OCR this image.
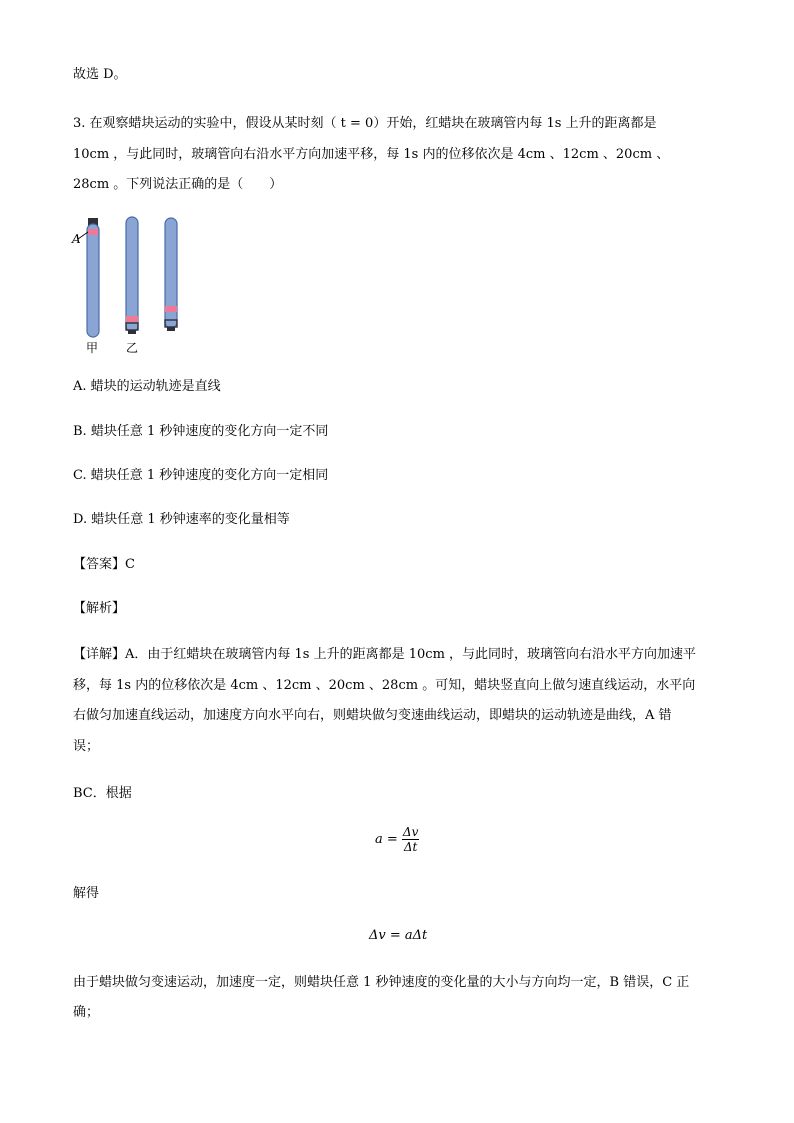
故选 D。
3. 在观察蜡块运动的实验中，假设从某时刻（ t = 0）开始，红蜡块在玻璃管内每 1s 上升的距离都是
10cm ，与此同时，玻璃管向右沿水平方向加速平移，每 1s 内的位移依次是 4cm 、12cm 、20cm 、
28cm 。下列说法正确的是（　　）
A
甲 乙
A. 蜡块的运动轨迹是直线
B. 蜡块任意 1 秒钟速度的变化方向一定不同
C. 蜡块任意 1 秒钟速度的变化方向一定相同
D. 蜡块任意 1 秒钟速率的变化量相等
【答案】C
【解析】
【详解】A．由于红蜡块在玻璃管内每 1s 上升的距离都是 10cm ，与此同时，玻璃管向右沿水平方向加速平
移，每 1s 内的位移依次是 4cm 、12cm 、20cm 、28cm 。可知，蜡块竖直向上做匀速直线运动，水平向
右做匀加速直线运动，加速度方向水平向右，则蜡块做匀变速曲线运动，即蜡块的运动轨迹是曲线，A 错
误；
BC．根据
$a = \frac{\Delta v}{\Delta t}$
解得
Δv = aΔt
由于蜡块做匀变速运动，加速度一定，则蜡块任意 1 秒钟速度的变化量的大小与方向均一定，B 错误，C 正
确；
